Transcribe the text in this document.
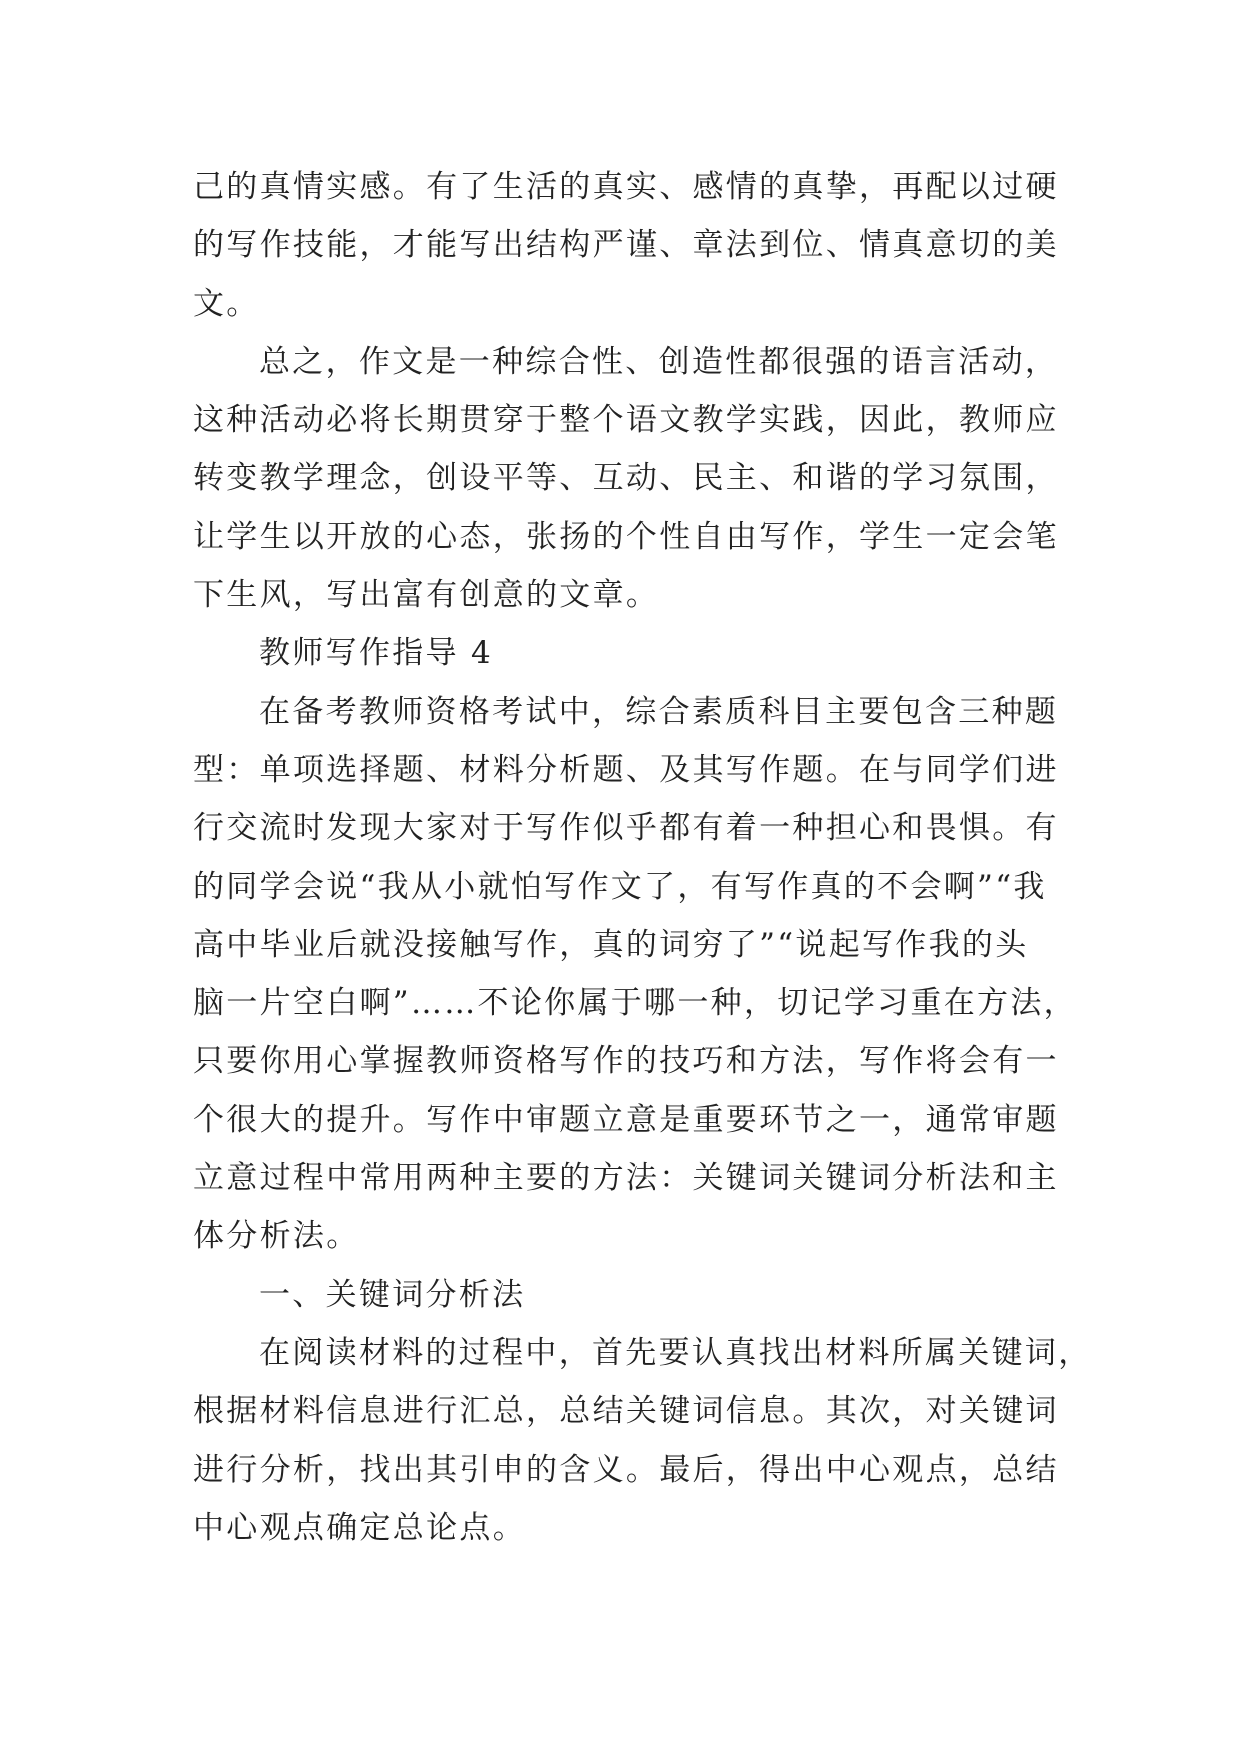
己的真情实感。有了生活的真实、感情的真挚，再配以过硬
的写作技能，才能写出结构严谨、章法到位、情真意切的美
文。
总之，作文是一种综合性、创造性都很强的语言活动，
这种活动必将长期贯穿于整个语文教学实践，因此，教师应
转变教学理念，创设平等、互动、民主、和谐的学习氛围，
让学生以开放的心态，张扬的个性自由写作，学生一定会笔
下生风，写出富有创意的文章。
教师写作指导 4
在备考教师资格考试中，综合素质科目主要包含三种题
型：单项选择题、材料分析题、及其写作题。在与同学们进
行交流时发现大家对于写作似乎都有着一种担心和畏惧。有
的同学会说“我从小就怕写作文了，有写作真的不会啊”“我
高中毕业后就没接触写作，真的词穷了”“说起写作我的头
脑一片空白啊”……不论你属于哪一种，切记学习重在方法，
只要你用心掌握教师资格写作的技巧和方法，写作将会有一
个很大的提升。写作中审题立意是重要环节之一，通常审题
立意过程中常用两种主要的方法：关键词关键词分析法和主
体分析法。
一、关键词分析法
在阅读材料的过程中，首先要认真找出材料所属关键词，
根据材料信息进行汇总，总结关键词信息。其次，对关键词
进行分析，找出其引申的含义。最后，得出中心观点，总结
中心观点确定总论点。
